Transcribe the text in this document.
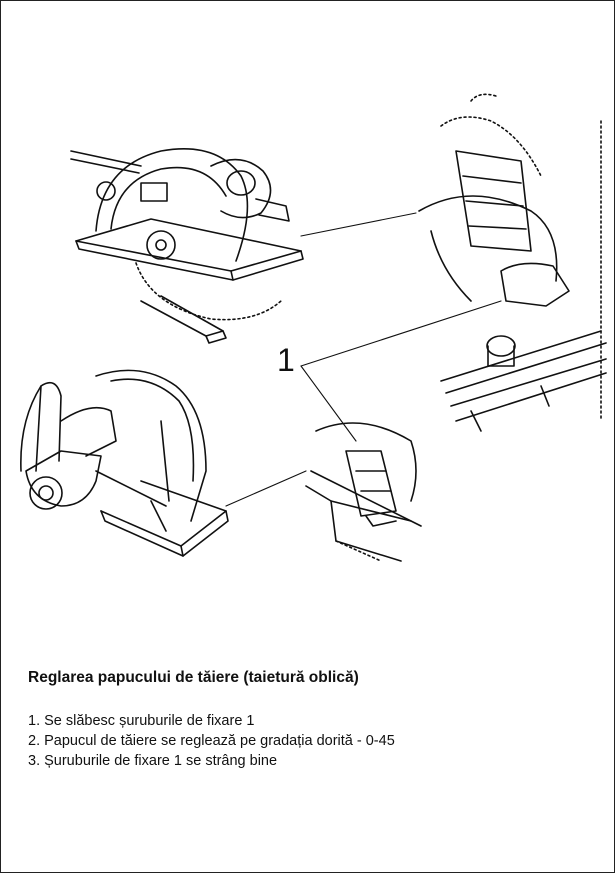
1
Reglarea papucului de tăiere (taietură oblică)
1. Se slăbesc șuruburile de fixare 1
2. Papucul de tăiere se reglează pe gradația dorită - 0-45
3. Șuruburile de fixare 1 se strâng bine
